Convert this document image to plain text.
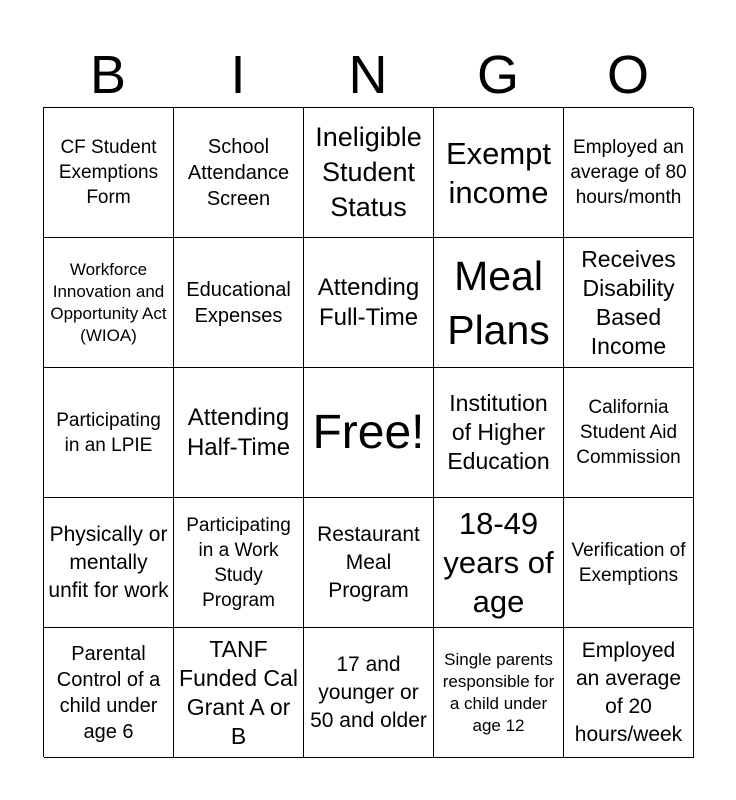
B	I	N	G	O
CF Student Exemptions Form
School Attendance Screen
Ineligible Student Status
Exempt income
Employed an average of 80 hours/month
Workforce Innovation and Opportunity Act (WIOA)
Educational Expenses
Attending Full-Time
Meal Plans
Receives Disability Based Income
Participating in an LPIE
Attending Half-Time Free!
Institution of Higher Education
California Student Aid Commission
Physically or mentally unfit for work
Participating in a Work Study Program
Restaurant Meal Program
18-49 years of age
Verification of Exemptions
Parental Control of a child under age 6
TANF Funded Cal Grant A or B
17 and younger or 50 and older
Single parents responsible for a child under age 12
Employed an average of 20 hours/week
